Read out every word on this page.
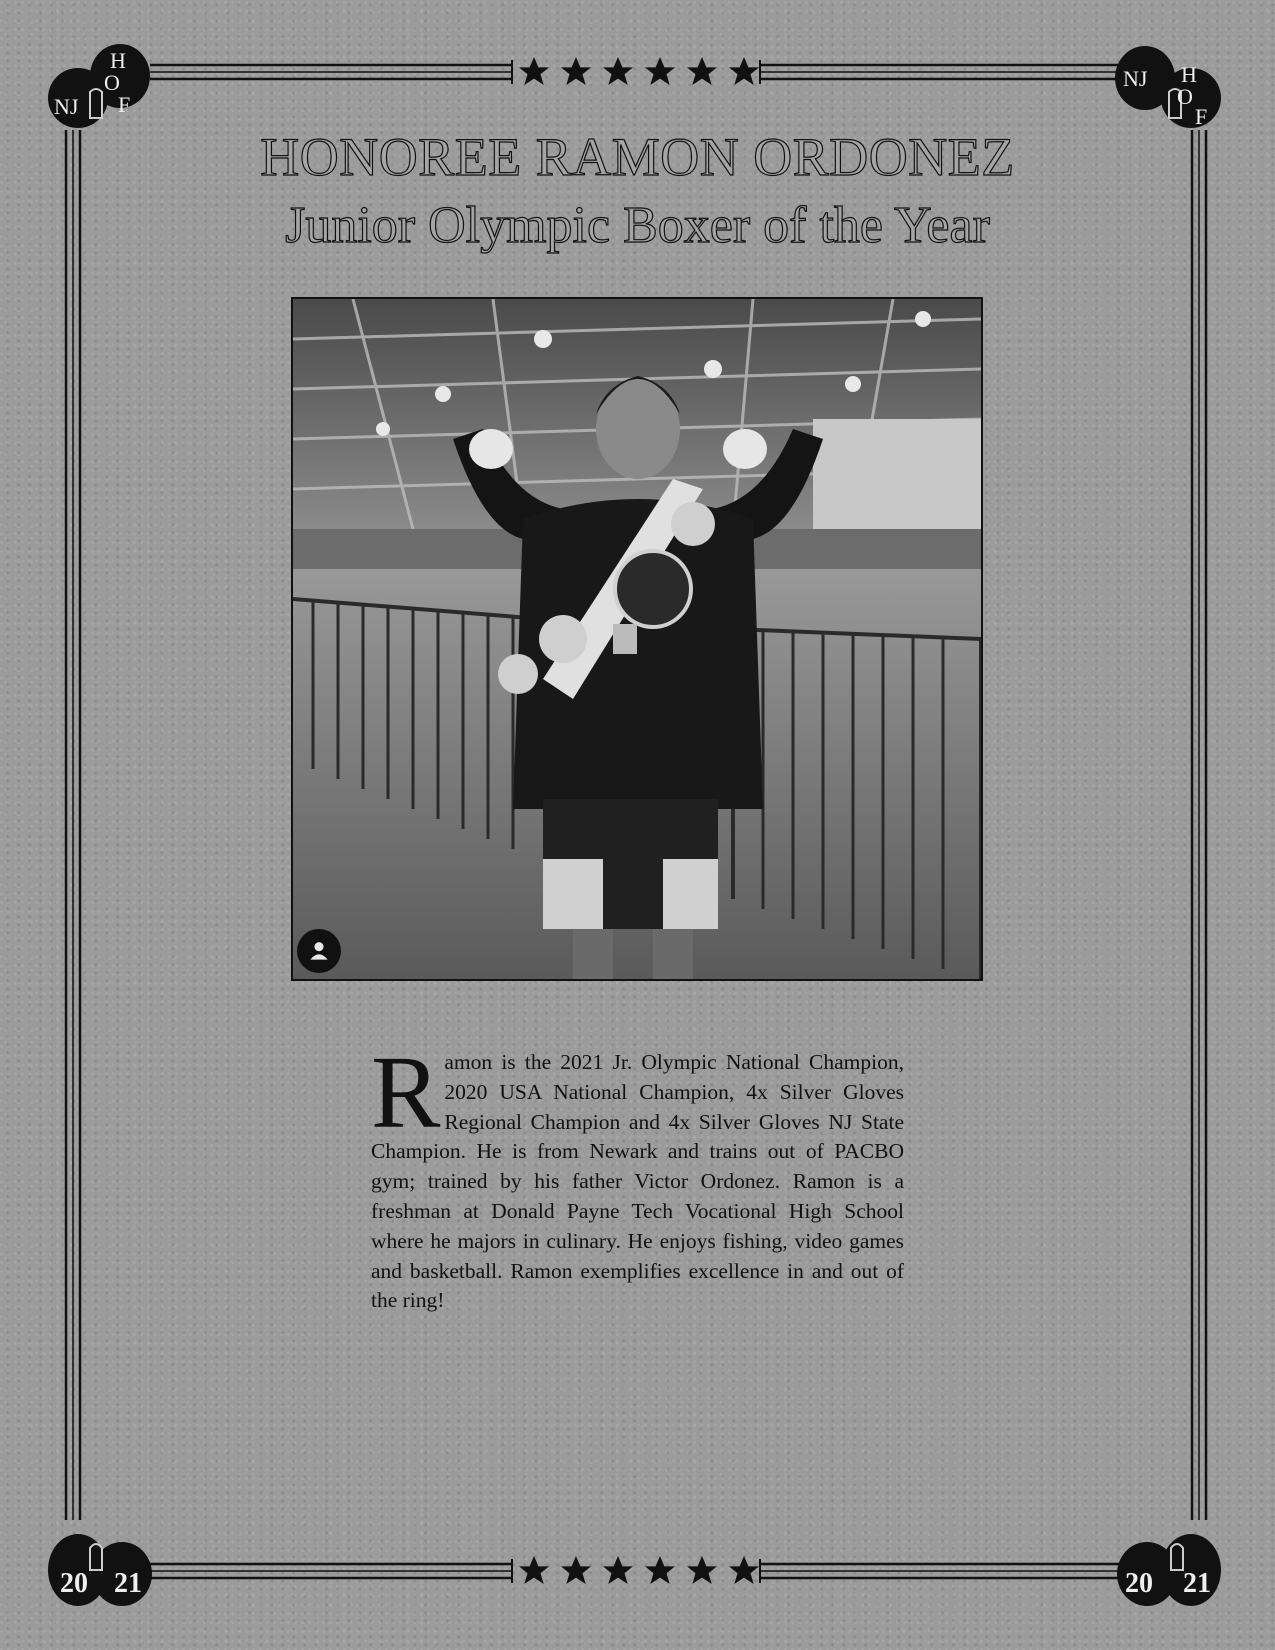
NJ
H
O
F
NJ H
O
F
20 21	20 21
HONOREE RAMON ORDONEZ
Junior Olympic Boxer of the Year
Ramon is the 2021 Jr. Olympic National Champion, 2020 USA National Champion, 4x Silver Gloves Regional Champion and 4x Silver Gloves NJ State Champion. He is from Newark and trains out of PACBO gym; trained by his father Victor Ordonez. Ramon is a freshman at Donald Payne Tech Vocational High School where he majors in culinary. He enjoys fishing, video games and basketball. Ramon exemplifies excellence in and out of the ring!
